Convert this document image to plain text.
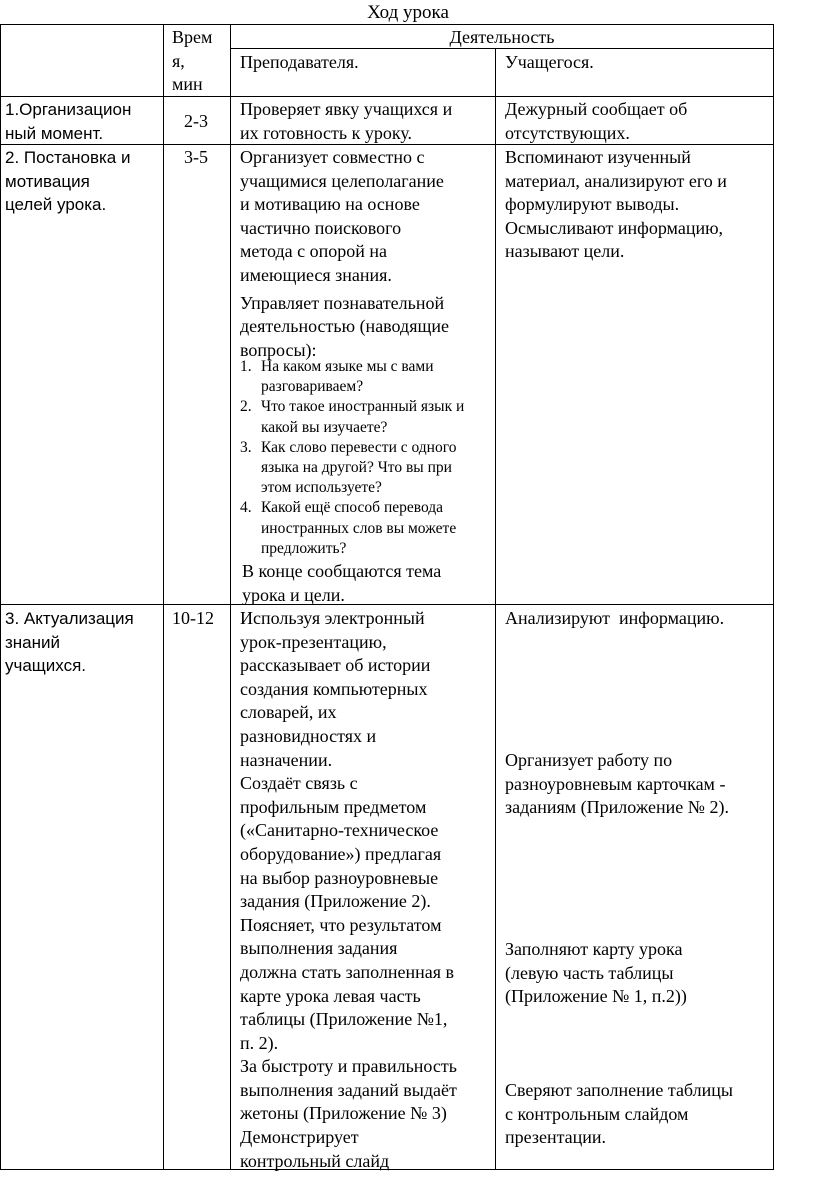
Ход урока
Врем
я,
мин
Деятельность
Преподавателя.	Учащегося.
1.Организацион
ный момент.
2-3
Проверяет явку учащихся и
их готовность к уроку.
Дежурный сообщает об
отсутствующих.
2. Постановка и
мотивация
целей урока.
3-5 Организует совместно с
учащимися целеполагание
и мотивацию на основе
частично поискового
метода с опорой на
имеющиеся знания.
Управляет познавательной
деятельностью (наводящие
вопросы):
1. На каком языке мы с вами
разговариваем?
2. Что такое иностранный язык и
какой вы изучаете?
3. Как слово перевести с одного
языка на другой? Что вы при
этом используете?
4. Какой ещё способ перевода
иностранных слов вы можете
предложить?
В конце сообщаются тема
урока и цели.
Вспоминают изученный
материал, анализируют его и
формулируют выводы.
Осмысливают информацию,
называют цели.
3. Актуализация
знаний
учащихся.
10-12 Используя электронный
урок-презентацию,
рассказывает об истории
создания компьютерных
словарей, их
разновидностях и
назначении.
Создаёт связь с
профильным предметом
(«Санитарно-техническое
оборудование») предлагая
на выбор разноуровневые
задания (Приложение 2).
Поясняет, что результатом
выполнения задания
должна стать заполненная в
карте урока левая часть
таблицы (Приложение №1,
п. 2).
За быстроту и правильность
выполнения заданий выдаёт
жетоны (Приложение № 3)
Демонстрирует
контрольный слайд
Анализируют  информацию.
Организует работу по
разноуровневым карточкам -
заданиям (Приложение № 2).
Заполняют карту урока
(левую часть таблицы
(Приложение № 1, п.2))
Сверяют заполнение таблицы
с контрольным слайдом
презентации.
